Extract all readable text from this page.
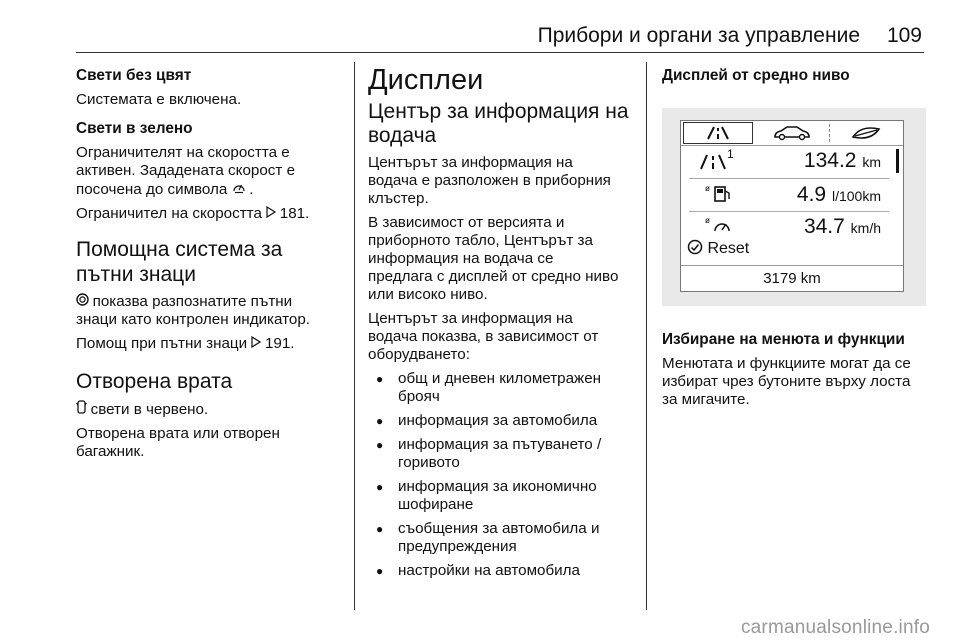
Прибори и органи за управление	109
Свети без цвят
Системата е включена.
Свети в зелено
Ограничителят на скоростта е
активен. Зададената скорост е
посочена до символа .
Ограничител на скоростта 181.
Помощна система за
пътни знаци
показва разпознатите пътни
знаци като контролен индикатор.
Помощ при пътни знаци 191.
Отворена врата
свети в червено.
Отворена врата или отворен
багажник.
Дисплеи
Център за информация на
водача
Центърът за информация на
водача е разположен в приборния
клъстер.
В зависимост от версията и
приборното табло, Центърът за
информация на водача се
предлага с дисплей от средно ниво
или високо ниво.
Центърът за информация на
водача показва, в зависимост от
оборудването:
● общ и дневен километражен
брояч
● информация за автомобила
● информация за пътуването /
горивото
● информация за икономично
шофиране
● съобщения за автомобила и
предупреждения
● настройки на автомобила
Дисплей от средно ниво
1	134.2 km
ø	4.9 l/100km
ø	34.7 km/h
Reset
3179 km
Избиране на менюта и функции
Менютата и функциите могат да се
избират чрез бутоните върху лоста
за мигачите.
carmanualsonline.info
